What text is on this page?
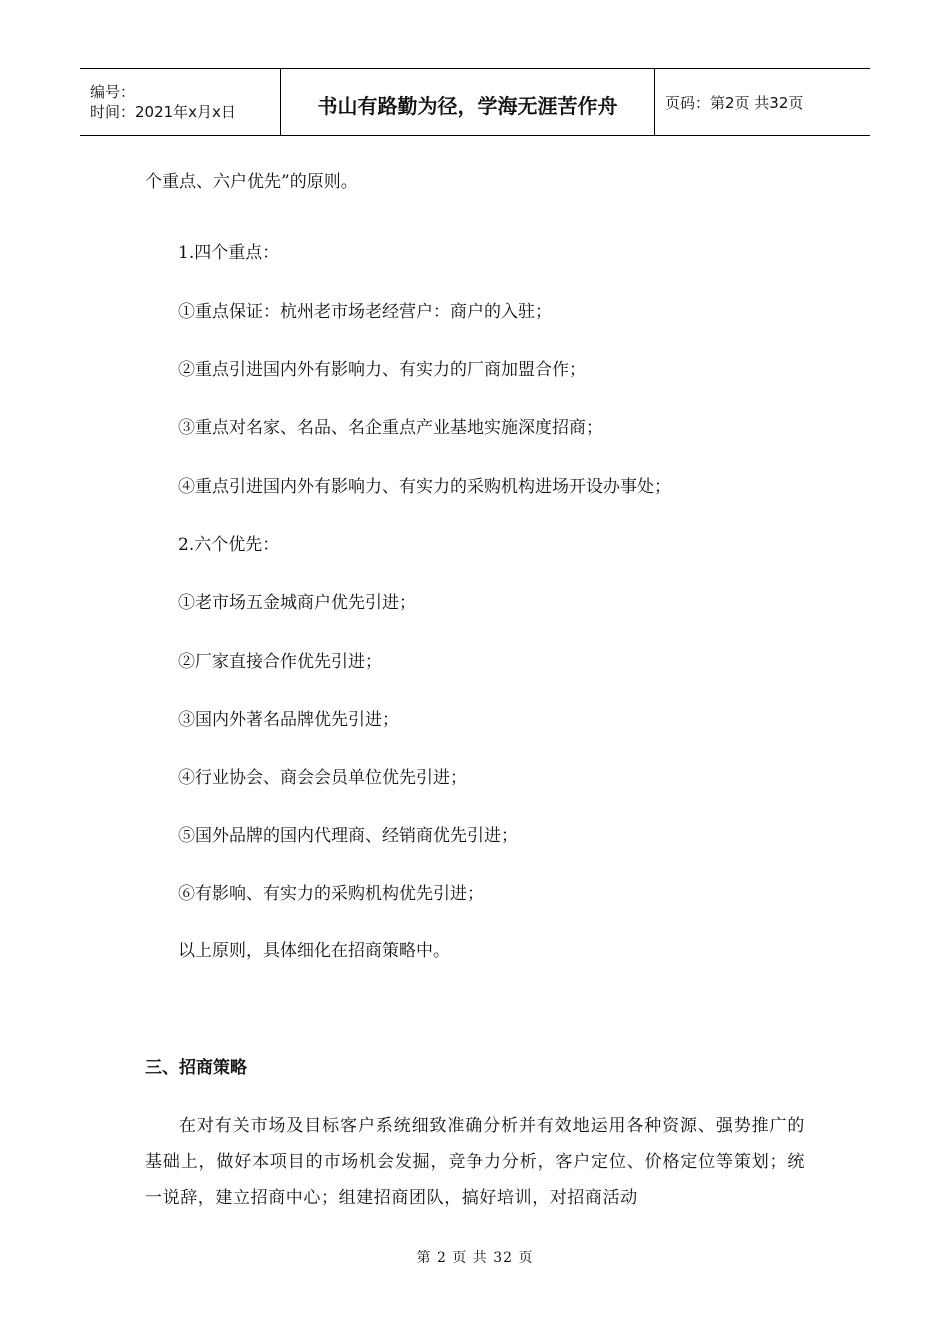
编号：
时间：2021年x月x日	书山有路勤为径，学海无涯苦作舟	页码：第2页 共32页
个重点、六户优先”的原则。
1.四个重点：
①重点保证：杭州老市场老经营户：商户的入驻；
②重点引进国内外有影响力、有实力的厂商加盟合作；
③重点对名家、名品、名企重点产业基地实施深度招商；
④重点引进国内外有影响力、有实力的采购机构进场开设办事处；
2.六个优先：
①老市场五金城商户优先引进；
②厂家直接合作优先引进；
③国内外著名品牌优先引进；
④行业协会、商会会员单位优先引进；
⑤国外品牌的国内代理商、经销商优先引进；
⑥有影响、有实力的采购机构优先引进；
以上原则，具体细化在招商策略中。
三、招商策略
在对有关市场及目标客户系统细致准确分析并有效地运用各种资源、强势推广的基础上，做好本项目的市场机会发掘，竞争力分析，客户定位、价格定位等策划；统一说辞，建立招商中心；组建招商团队，搞好培训，对招商活动
第 2 页 共 32 页
